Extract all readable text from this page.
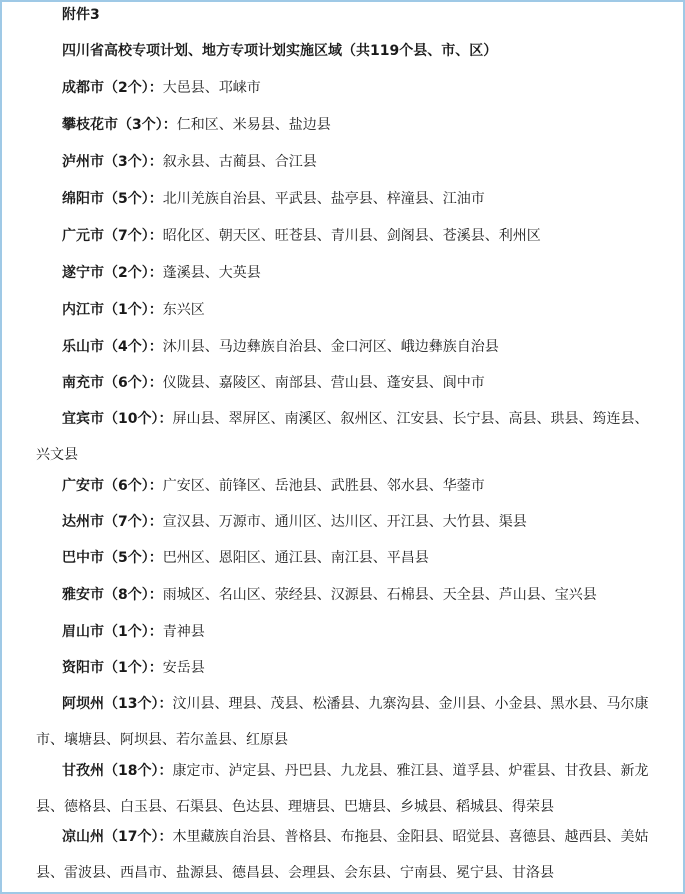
附件3
四川省高校专项计划、地方专项计划实施区域（共119个县、市、区）
成都市（2个）：大邑县、邛崃市
攀枝花市（3个）：仁和区、米易县、盐边县
泸州市（3个）：叙永县、古蔺县、合江县
绵阳市（5个）：北川羌族自治县、平武县、盐亭县、梓潼县、江油市
广元市（7个）：昭化区、朝天区、旺苍县、青川县、剑阁县、苍溪县、利州区
遂宁市（2个）：蓬溪县、大英县
内江市（1个）：东兴区
乐山市（4个）：沐川县、马边彝族自治县、金口河区、峨边彝族自治县
南充市（6个）：仪陇县、嘉陵区、南部县、营山县、蓬安县、阆中市
宜宾市（10个）：屏山县、翠屏区、南溪区、叙州区、江安县、长宁县、高县、珙县、筠连县、兴文县
广安市（6个）：广安区、前锋区、岳池县、武胜县、邻水县、华蓥市
达州市（7个）：宣汉县、万源市、通川区、达川区、开江县、大竹县、渠县
巴中市（5个）：巴州区、恩阳区、通江县、南江县、平昌县
雅安市（8个）：雨城区、名山区、荥经县、汉源县、石棉县、天全县、芦山县、宝兴县
眉山市（1个）：青神县
资阳市（1个）：安岳县
阿坝州（13个）：汶川县、理县、茂县、松潘县、九寨沟县、金川县、小金县、黑水县、马尔康市、壤塘县、阿坝县、若尔盖县、红原县
甘孜州（18个）：康定市、泸定县、丹巴县、九龙县、雅江县、道孚县、炉霍县、甘孜县、新龙县、德格县、白玉县、石渠县、色达县、理塘县、巴塘县、乡城县、稻城县、得荣县
凉山州（17个）：木里藏族自治县、普格县、布拖县、金阳县、昭觉县、喜德县、越西县、美姑县、雷波县、西昌市、盐源县、德昌县、会理县、会东县、宁南县、冕宁县、甘洛县
